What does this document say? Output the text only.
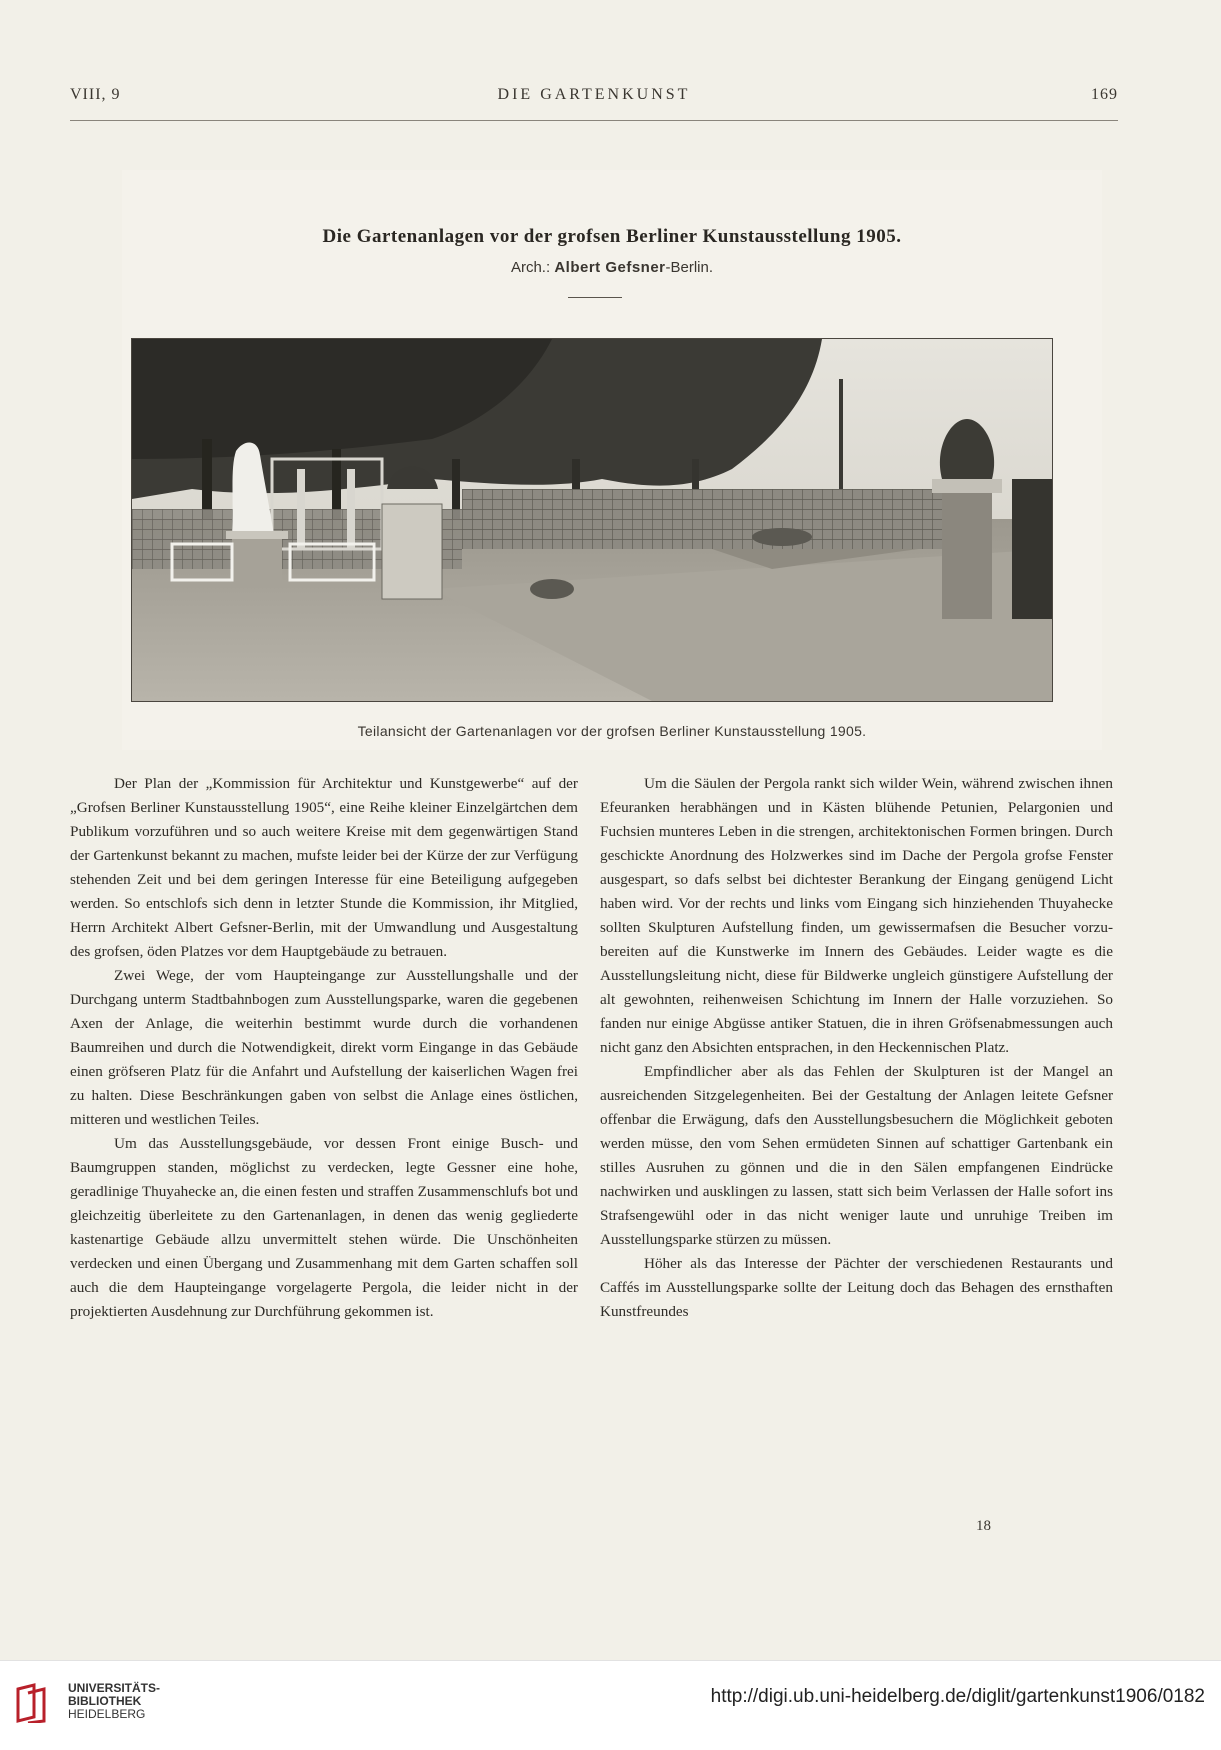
VIII, 9	DIE GARTENKUNST	169
Die Gartenanlagen vor der grofsen Berliner Kunstausstellung 1905.
Arch.: Albert Gefsner-Berlin.
Teilansicht der Gartenanlagen vor der grofsen Berliner Kunstausstellung 1905.

Der Plan der „Kommission für Architektur und Kunstgewerbe“ auf der „Grofsen Berliner Kunstausstellung 1905“, eine Reihe kleiner Einzelgärtchen dem Publikum vorzuführen und so auch weitere Kreise mit dem gegenwärtigen Stand der Gartenkunst bekannt zu machen, mufste leider bei der Kürze der zur Verfügung stehenden Zeit und bei dem geringen Interesse für eine Beteiligung aufgegeben werden. So entschlofs sich denn in letzter Stunde die Kommission, ihr Mitglied, Herrn Architekt Albert Gefsner-Berlin, mit der Umwandlung und Ausgestaltung des grofsen, öden Platzes vor dem Hauptgebäude zu betrauen.

Zwei Wege, der vom Haupteingange zur Ausstellungshalle und der Durchgang unterm Stadtbahnbogen zum Ausstellungsparke, waren die gegebenen Axen der Anlage, die weiterhin bestimmt wurde durch die vorhandenen Baumreihen und durch die Notwendigkeit, direkt vorm Eingange in das Gebäude einen gröfseren Platz für die Anfahrt und Aufstellung der kaiserlichen Wagen frei zu halten. Diese Beschränkungen gaben von selbst die Anlage eines östlichen, mitteren und westlichen Teiles.

Um das Ausstellungsgebäude, vor dessen Front einige Busch- und Baumgruppen standen, möglichst zu verdecken, legte Gessner eine hohe, geradlinige Thuyahecke an, die einen festen und straffen Zusammenschlufs bot und gleichzeitig überleitete zu den Gartenanlagen, in denen das wenig gegliederte kastenartige Gebäude allzu unvermittelt stehen würde. Die Unschönheiten verdecken und einen Übergang und Zusammenhang mit dem Garten schaffen soll auch die dem Haupteingange vorgelagerte Pergola, die leider nicht in der projektierten Ausdehnung zur Durchführung gekommen ist.

Um die Säulen der Pergola rankt sich wilder Wein, während zwischen ihnen Efeuranken herabhängen und in Kästen blühende Petunien, Pelargonien und Fuchsien munteres Leben in die strengen, architektonischen Formen bringen. Durch geschickte Anordnung des Holzwerkes sind im Dache der Pergola grofse Fenster ausgespart, so dafs selbst bei dichtester Berankung der Eingang genügend Licht haben wird. Vor der rechts und links vom Eingang sich hinziehenden Thuyahecke sollten Skulpturen Aufstellung finden, um gewissermafsen die Besucher vorzubereiten auf die Kunstwerke im Innern des Gebäudes. Leider wagte es die Ausstellungsleitung nicht, diese für Bildwerke ungleich günstigere Aufstellung der alt gewohnten, reihenweisen Schichtung im Innern der Halle vorzuziehen. So fanden nur einige Abgüsse antiker Statuen, die in ihren Gröfsenabmessungen auch nicht ganz den Absichten entsprachen, in den Heckennischen Platz.

Empfindlicher aber als das Fehlen der Skulpturen ist der Mangel an ausreichenden Sitzgelegenheiten. Bei der Gestaltung der Anlagen leitete Gefsner offenbar die Erwägung, dafs den Ausstellungsbesuchern die Möglichkeit geboten werden müsse, den vom Sehen ermüdeten Sinnen auf schattiger Gartenbank ein stilles Ausruhen zu gönnen und die in den Sälen empfangenen Eindrücke nachwirken und ausklingen zu lassen, statt sich beim Verlassen der Halle sofort ins Strafsengewühl oder in das nicht weniger laute und unruhige Treiben im Ausstellungsparke stürzen zu müssen.

Höher als das Interesse der Pächter der verschiedenen Restaurants und Caffés im Ausstellungsparke sollte der Leitung doch das Behagen des ernsthaften Kunstfreundes

18
UNIVERSITÄTS-
BIBLIOTHEK
HEIDELBERG
http://digi.ub.uni-heidelberg.de/diglit/gartenkunst1906/0182
